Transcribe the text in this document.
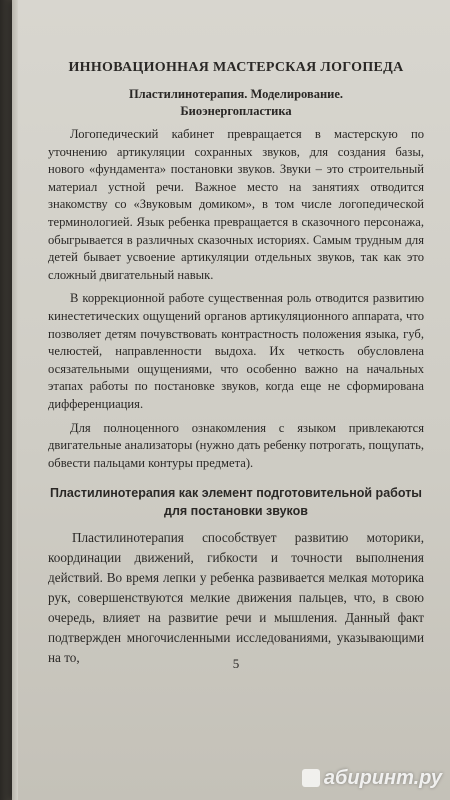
ИННОВАЦИОННАЯ МАСТЕРСКАЯ ЛОГОПЕДА
Пластилинотерапия. Моделирование.
Биоэнергопластика

Логопедический кабинет превращается в мастерскую по уточнению артикуляции сохранных звуков, для создания базы, нового «фундамента» постановки звуков. Звуки – это строительный материал устной речи. Важное место на занятиях отводится знакомству со «Звуковым домиком», в том числе логопедической терминологией. Язык ребенка превращается в сказочного персонажа, обыгрывается в различных сказочных историях. Самым трудным для детей бывает усвоение артикуляции отдельных звуков, так как это сложный двигательный навык.

В коррекционной работе существенная роль отводится развитию кинестетических ощущений органов артикуляционного аппарата, что позволяет детям почувствовать контрастность положения языка, губ, челюстей, направленности выдоха. Их четкость обусловлена осязательными ощущениями, что особенно важно на начальных этапах работы по постановке звуков, когда еще не сформирована дифференциация.

Для полноценного ознакомления с языком привлекаются двигательные анализаторы (нужно дать ребенку потрогать, пощупать, обвести пальцами контуры предмета).

Пластилинотерапия как элемент подготовительной работы
для постановки звуков

Пластилинотерапия способствует развитию моторики, координации движений, гибкости и точности выполнения действий. Во время лепки у ребенка развивается мелкая моторика рук, совершенствуются мелкие движения пальцев, что, в свою очередь, влияет на развитие речи и мышления. Данный факт подтвержден многочисленными исследованиями, указывающими на то,	5
абиринт.ру
